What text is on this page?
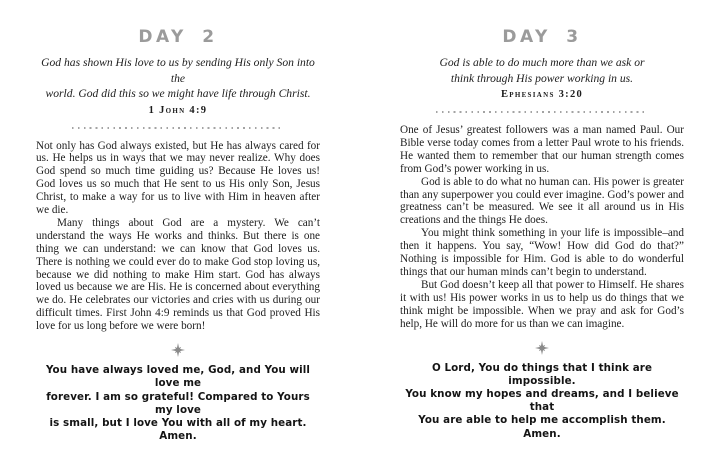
DAY 2
God has shown His love to us by sending His only Son into the
world. God did this so we might have life through Christ.
1 John 4:9

Not only has God always existed, but He has always cared for us. He helps us in ways that we may never realize. Why does God spend so much time guiding us? Because He loves us! God loves us so much that He sent to us His only Son, Jesus Christ, to make a way for us to live with Him in heaven after we die.

Many things about God are a mystery. We can’t understand the ways He works and thinks. But there is one thing we can understand: we can know that God loves us. There is nothing we could ever do to make God stop loving us, because we did nothing to make Him start. God has always loved us because we are His. He is concerned about everything we do. He celebrates our victories and cries with us during our difficult times. First John 4:9 reminds us that God proved His love for us long before we were born!

You have always loved me, God, and You will love me
forever. I am so grateful! Compared to Yours my love
is small, but I love You with all of my heart. Amen.
DAY 3
God is able to do much more than we ask or
think through His power working in us.
Ephesians 3:20

One of Jesus’ greatest followers was a man named Paul. Our Bible verse today comes from a letter Paul wrote to his friends. He wanted them to remember that our human strength comes from God’s power working in us.

God is able to do what no human can. His power is greater than any superpower you could ever imagine. God’s power and greatness can’t be measured. We see it all around us in His creations and the things He does.

You might think something in your life is impossible–and then it happens. You say, “Wow! How did God do that?” Nothing is impossible for Him. God is able to do wonderful things that our human minds can’t begin to understand.

But God doesn’t keep all that power to Himself. He shares it with us! His power works in us to help us do things that we think might be impossible. When we pray and ask for God’s help, He will do more for us than we can imagine.

O Lord, You do things that I think are impossible.
You know my hopes and dreams, and I believe that
You are able to help me accomplish them. Amen.
